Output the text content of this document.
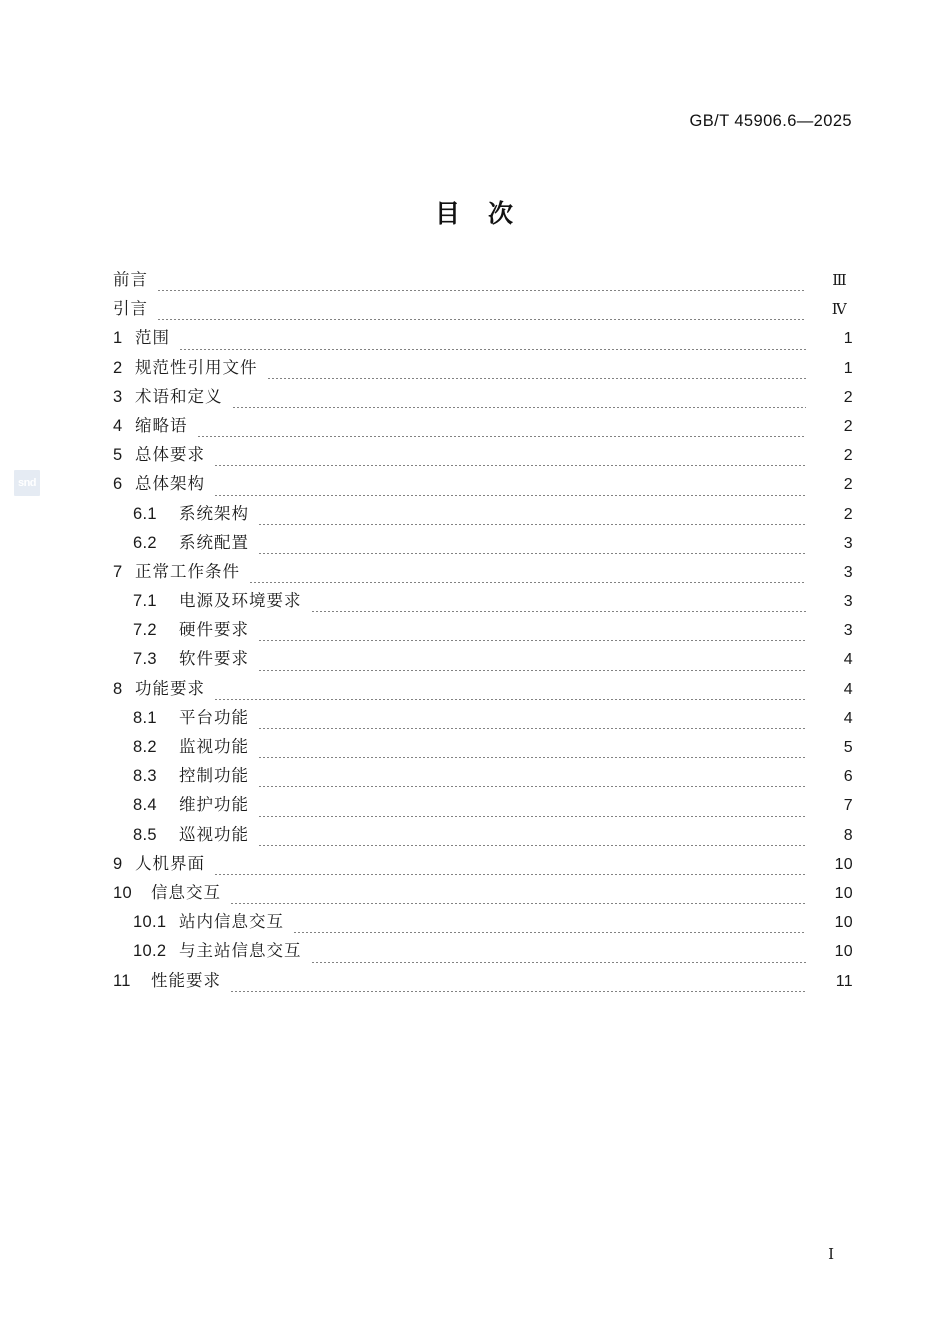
GB/T 45906.6—2025
目 次
snd
前言	Ⅲ
引言	Ⅳ
1 范围	1
2 规范性引用文件	1
3 术语和定义	2
4 缩略语	2
5 总体要求	2
6 总体架构	2
6.1	系统架构	2
6.2	系统配置	3
7 正常工作条件	3
7.1	电源及环境要求	3
7.2	硬件要求	3
7.3	软件要求	4
8 功能要求	4
8.1	平台功能	4
8.2	监视功能	5
8.3	控制功能	6
8.4	维护功能	7
8.5	巡视功能	8
9 人机界面	10
10	信息交互	10
10.1 站内信息交互	10
10.2 与主站信息交互	10
11	性能要求	11
Ⅰ
